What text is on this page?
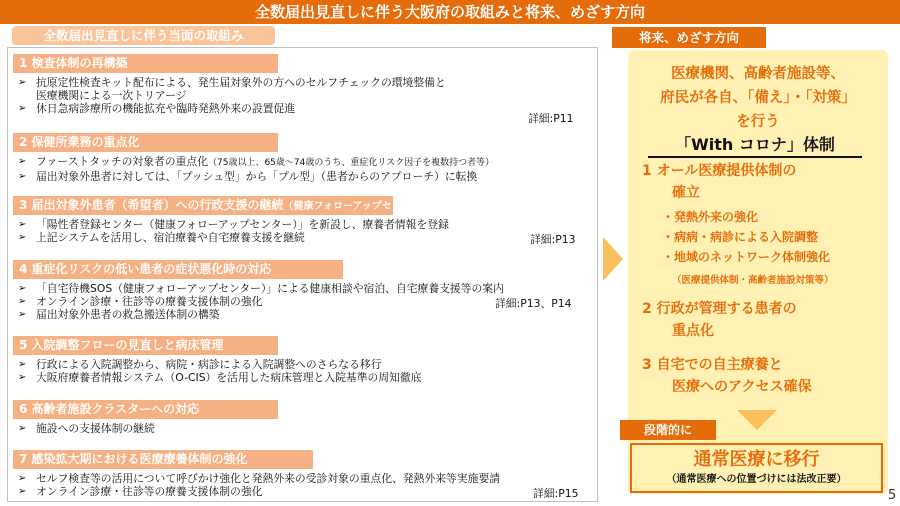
全数届出見直しに伴う大阪府の取組みと将来、めざす方向
全数届出見直しに伴う当面の取組み	将来、めざす方向
1 検査体制の再構築
➢ 抗原定性検査キット配布による、発生届対象外の方へのセルフチェックの環境整備と
医療機関による一次トリアージ
➢ 休日急病診療所の機能拡充や臨時発熱外来の設置促進
詳細:P11
2 保健所業務の重点化
➢ ファーストタッチの対象者の重点化（75歳以上、65歳～74歳のうち、重症化リスク因子を複数持つ者等）
➢ 届出対象外患者に対しては、「プッシュ型」から「プル型」（患者からのアプローチ）に転換
3 届出対象外患者（希望者）への行政支援の継続（健康フォローアップセンター設置）
➢ 「陽性者登録センター（健康フォローアップセンター）」を新設し、療養者情報を登録
➢ 上記システムを活用し、宿泊療養や自宅療養支援を継続	詳細:P13
4 重症化リスクの低い患者の症状悪化時の対応
➢ 「自宅待機SOS（健康フォローアップセンター）」による健康相談や宿泊、自宅療養支援等の案内
➢ オンライン診療・往診等の療養支援体制の強化
➢ 届出対象外患者の救急搬送体制の構築
詳細:P13、P14
5 入院調整フローの見直しと病床管理
➢ 行政による入院調整から、病院・病診による入院調整へのさらなる移行
➢ 大阪府療養者情報システム（O-CIS）を活用した病床管理と入院基準の周知徹底
6 高齢者施設クラスターへの対応
➢ 施設への支援体制の継続
7 感染拡大期における医療療養体制の強化
➢ セルフ検査等の活用について呼びかけ強化と発熱外来の受診対象の重点化、発熱外来等実施要請
➢ オンライン診療・往診等の療養支援体制の強化	詳細:P15
医療機関、高齢者施設等、
府民が各自、「備え」・「対策」
を行う
「With コロナ」体制
1 オール医療提供体制の
確立
・発熱外来の強化
・病病・病診による入院調整
・地域のネットワーク体制強化
（医療提供体制・高齢者施設対策等）
2 行政が管理する患者の
重点化
3 自宅での自主療養と
医療へのアクセス確保
通常医療に移行
（通常医療への位置づけには法改正要）
段階的に
5
